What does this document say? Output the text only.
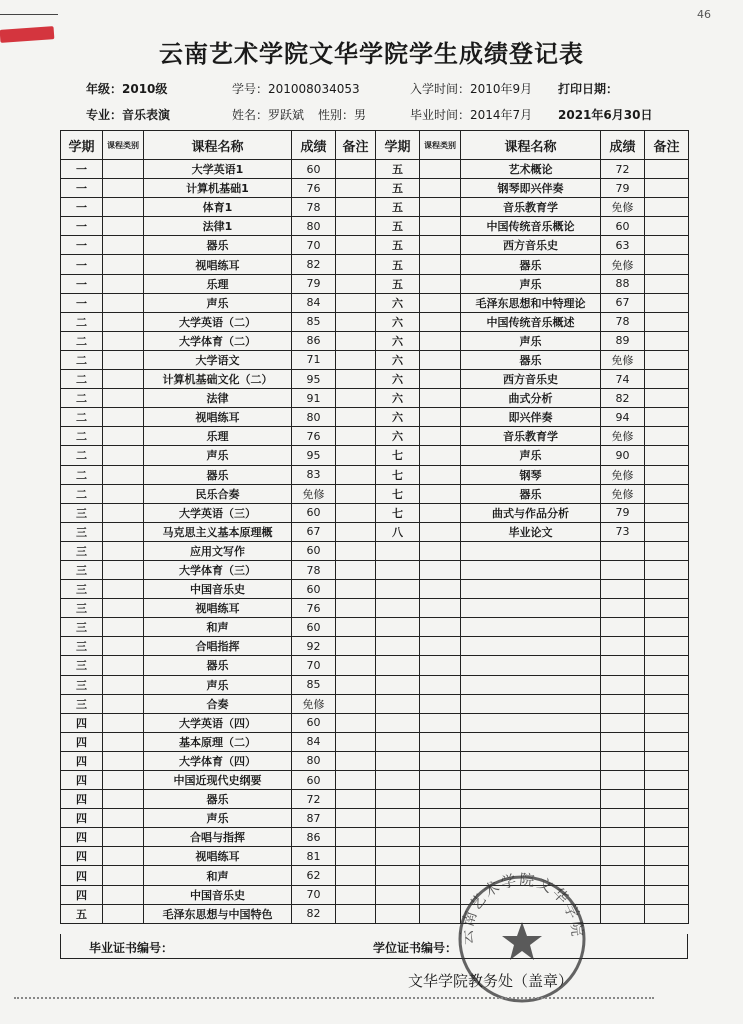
46
云南艺术学院文华学院学生成绩登记表
年级：2010级	学号：201008034053	入学时间：2010年9月 打印日期：
专业：音乐表演	姓名：罗跃斌 性别：男	毕业时间：2014年7月 2021年6月30日
学期	课程类别	课程名称	成绩	备注	学期	课程类别	课程名称	成绩	备注
一		大学英语1	60		五		艺术概论	72	
一		计算机基础1	76		五		钢琴即兴伴奏	79	
一		体育1	78		五		音乐教育学	免修	
一		法律1	80		五		中国传统音乐概论	60	
一		器乐	70		五		西方音乐史	63	
一		视唱练耳	82		五		器乐	免修	
一		乐理	79		五		声乐	88	
一		声乐	84		六		毛泽东思想和中特理论	67	
二		大学英语（二）	85		六		中国传统音乐概述	78	
二		大学体育（二）	86		六		声乐	89	
二		大学语文	71		六		器乐	免修	
二		计算机基础文化（二）	95		六		西方音乐史	74	
二		法律	91		六		曲式分析	82	
二		视唱练耳	80		六		即兴伴奏	94	
二		乐理	76		六		音乐教育学	免修	
二		声乐	95		七		声乐	90	
二		器乐	83		七		钢琴	免修	
二		民乐合奏	免修		七		器乐	免修	
三		大学英语（三）	60		七		曲式与作品分析	79	
三		马克思主义基本原理概	67		八		毕业论文	73	
三		应用文写作	60						
三		大学体育（三）	78						
三		中国音乐史	60						
三		视唱练耳	76						
三		和声	60						
三		合唱指挥	92						
三		器乐	70						
三		声乐	85						
三		合奏	免修						
四		大学英语（四）	60						
四		基本原理（二）	84						
四		大学体育（四）	80						
四		中国近现代史纲要	60						
四		器乐	72						
四		声乐	87						
四		合唱与指挥	86						
四		视唱练耳	81						
四		和声	62						
四		中国音乐史	70						
五		毛泽东思想与中国特色	82						
毕业证书编号：	学位证书编号：
云南艺术学院文华学院
文华学院教务处（盖章）
